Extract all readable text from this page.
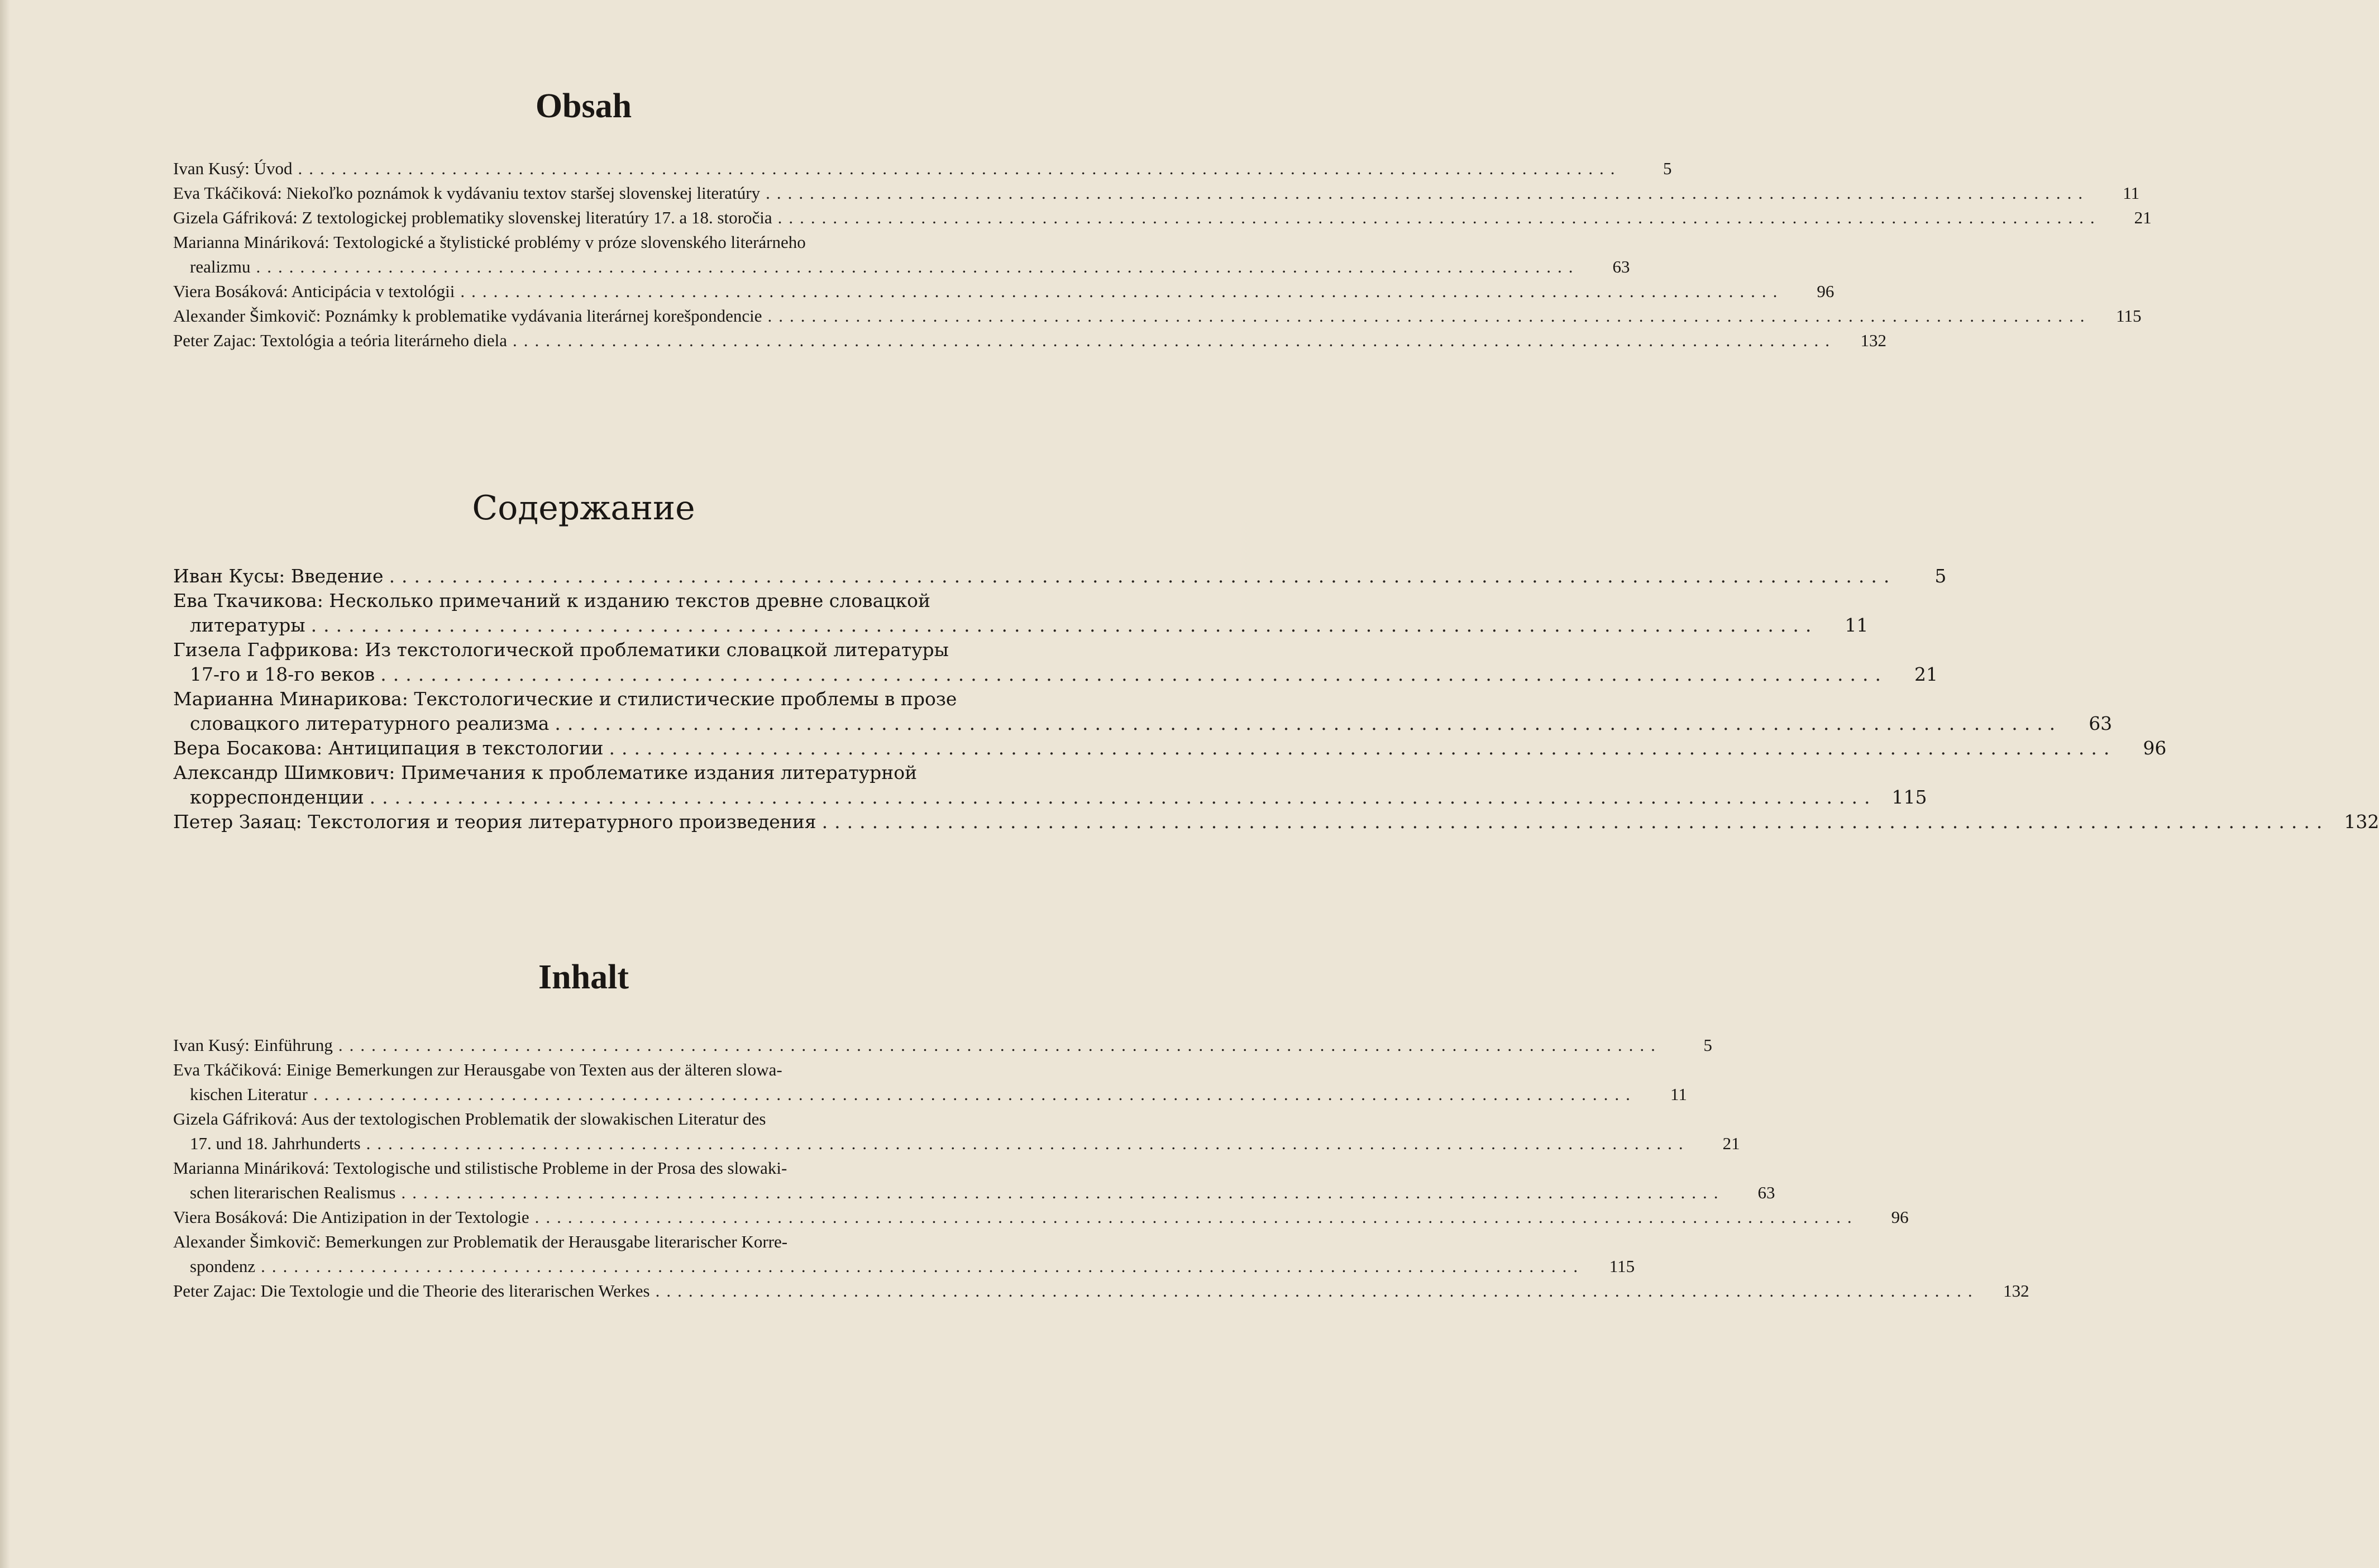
Obsah
Ivan Kusý: Úvod ........................................................................................................................	5
Eva Tkáčiková: Niekoľko poznámok k vydávaniu textov staršej slovenskej literatúry ........................................................................................................................	11
Gizela Gáfriková: Z textologickej problematiky slovenskej literatúry 17. a 18. storočia ........................................................................................................................	21
Marianna Mináriková: Textologické a štylistické problémy v próze slovenského literárneho
realizmu ........................................................................................................................	63
Viera Bosáková: Anticipácia v textológii ........................................................................................................................	96
Alexander Šimkovič: Poznámky k problematike vydávania literárnej korešpondencie ........................................................................................................................	115
Peter Zajac: Textológia a teória literárneho diela ........................................................................................................................	132
Содержание
Иван Кусы: Введение ........................................................................................................................	5
Ева Ткачикова: Несколько примечаний к изданию текстов древне словацкой
литературы ........................................................................................................................	11
Гизела Гафрикова: Из текстологической проблематики словацкой литературы
17-го и 18-го веков ........................................................................................................................	21
Марианна Минарикова: Текстологические и стилистические проблемы в прозе
словацкого литературного реализма ........................................................................................................................	63
Вера Босакова: Антиципация в текстологии ........................................................................................................................	96
Александр Шимкович: Примечания к проблематике издания литературной
корреспонденции ........................................................................................................................ 115
Петер Заяац: Текстология и теория литературного произведения ........................................................................................................................ 132
Inhalt
Ivan Kusý: Einführung ........................................................................................................................	5
Eva Tkáčiková: Einige Bemerkungen zur Herausgabe von Texten aus der älteren slowa-
kischen Literatur ........................................................................................................................	11
Gizela Gáfriková: Aus der textologischen Problematik der slowakischen Literatur des
17. und 18. Jahrhunderts ........................................................................................................................	21
Marianna Mináriková: Textologische und stilistische Probleme in der Prosa des slowaki-
schen literarischen Realismus ........................................................................................................................	63
Viera Bosáková: Die Antizipation in der Textologie ........................................................................................................................	96
Alexander Šimkovič: Bemerkungen zur Problematik der Herausgabe literarischer Korre-
spondenz ........................................................................................................................	115
Peter Zajac: Die Textologie und die Theorie des literarischen Werkes ........................................................................................................................	132
